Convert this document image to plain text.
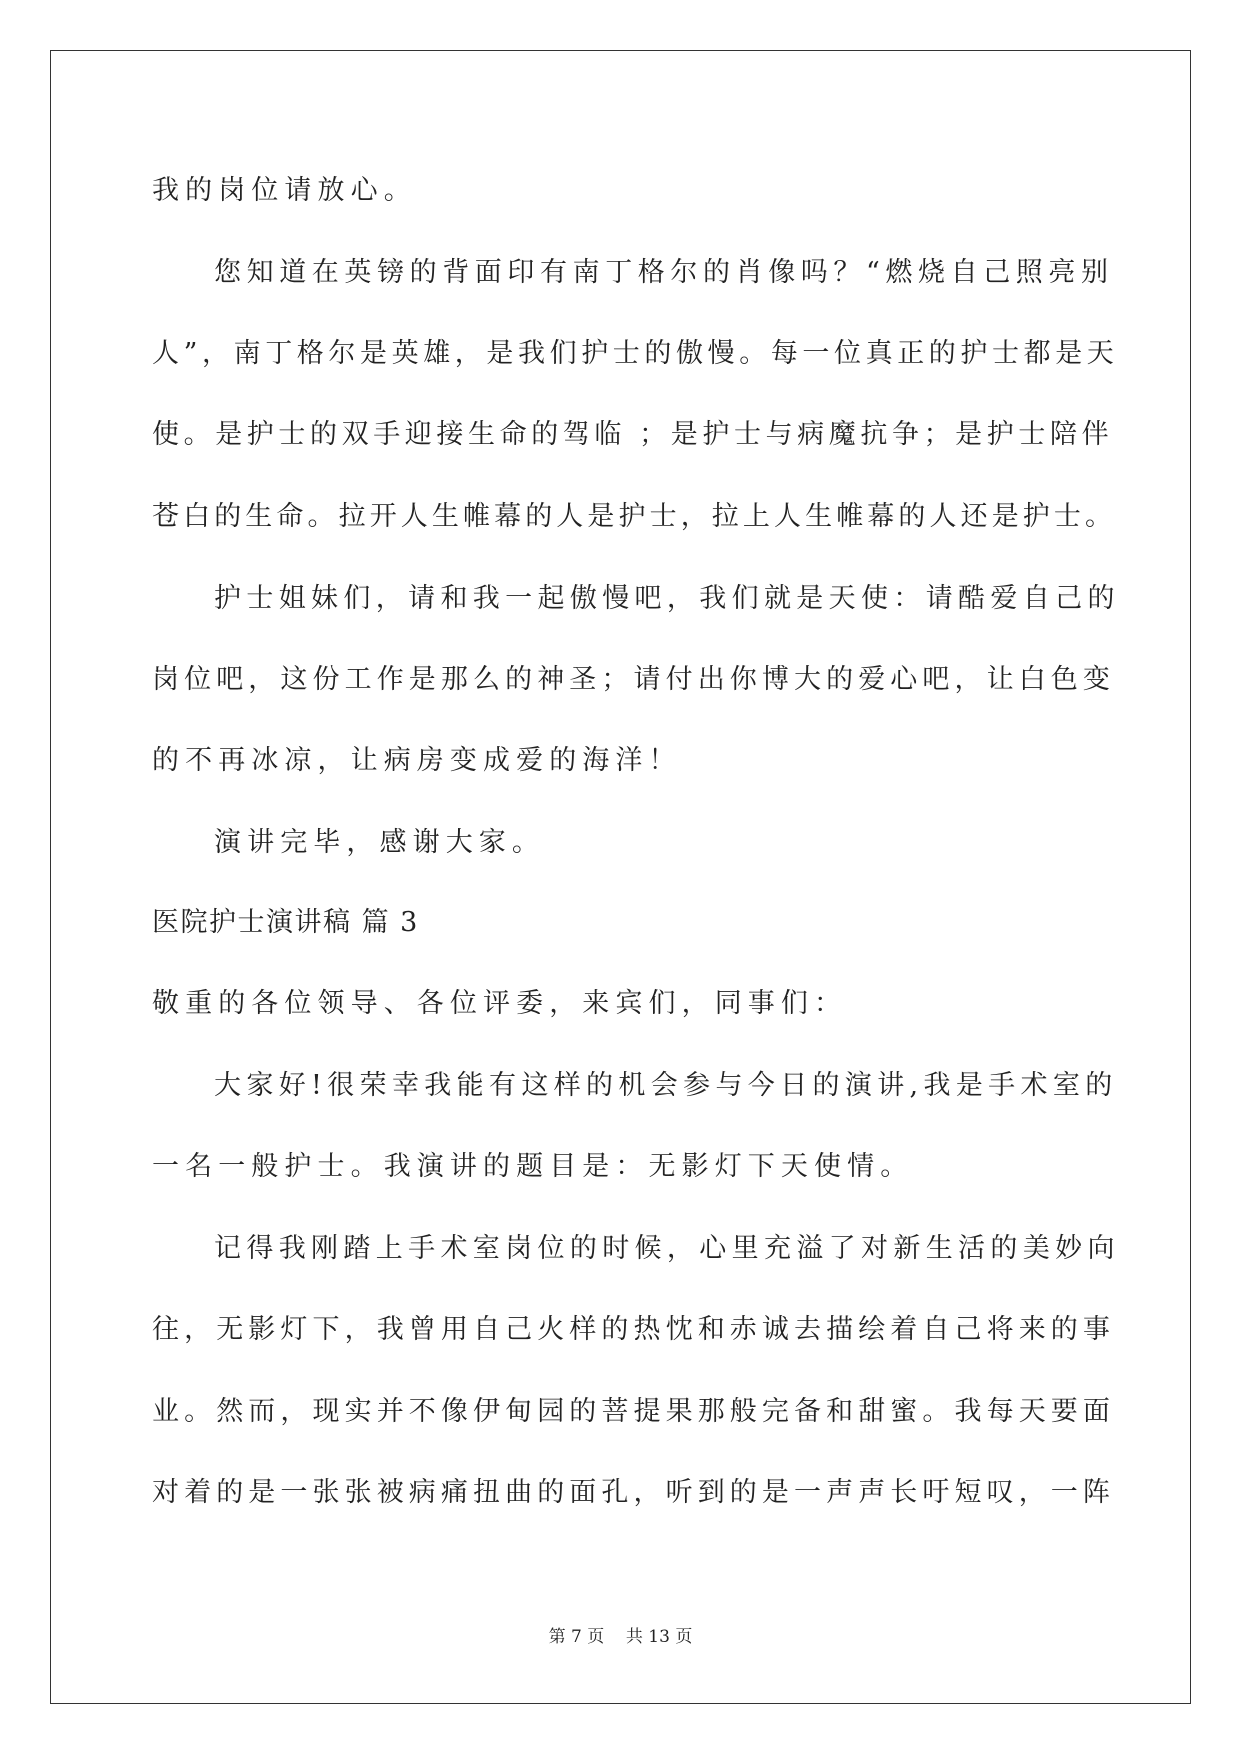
我的岗位请放心。
您知道在英镑的背面印有南丁格尔的肖像吗？“燃烧自己照亮别
人”，南丁格尔是英雄，是我们护士的傲慢。每一位真正的护士都是天
使。是护士的双手迎接生命的驾临 ；是护士与病魔抗争；是护士陪伴
苍白的生命。拉开人生帷幕的人是护士，拉上人生帷幕的人还是护士。
护士姐妹们，请和我一起傲慢吧，我们就是天使：请酷爱自己的
岗位吧，这份工作是那么的神圣；请付出你博大的爱心吧，让白色变
的不再冰凉，让病房变成爱的海洋！
演讲完毕，感谢大家。
医院护士演讲稿 篇 3
敬重的各位领导、各位评委，来宾们，同事们：
大家好!很荣幸我能有这样的机会参与今日的演讲,我是手术室的
一名一般护士。我演讲的题目是：无影灯下天使情。
记得我刚踏上手术室岗位的时候，心里充溢了对新生活的美妙向
往，无影灯下，我曾用自己火样的热忱和赤诚去描绘着自己将来的事
业。然而，现实并不像伊甸园的菩提果那般完备和甜蜜。我每天要面
对着的是一张张被病痛扭曲的面孔，听到的是一声声长吁短叹，一阵
第 7 页    共 13 页
